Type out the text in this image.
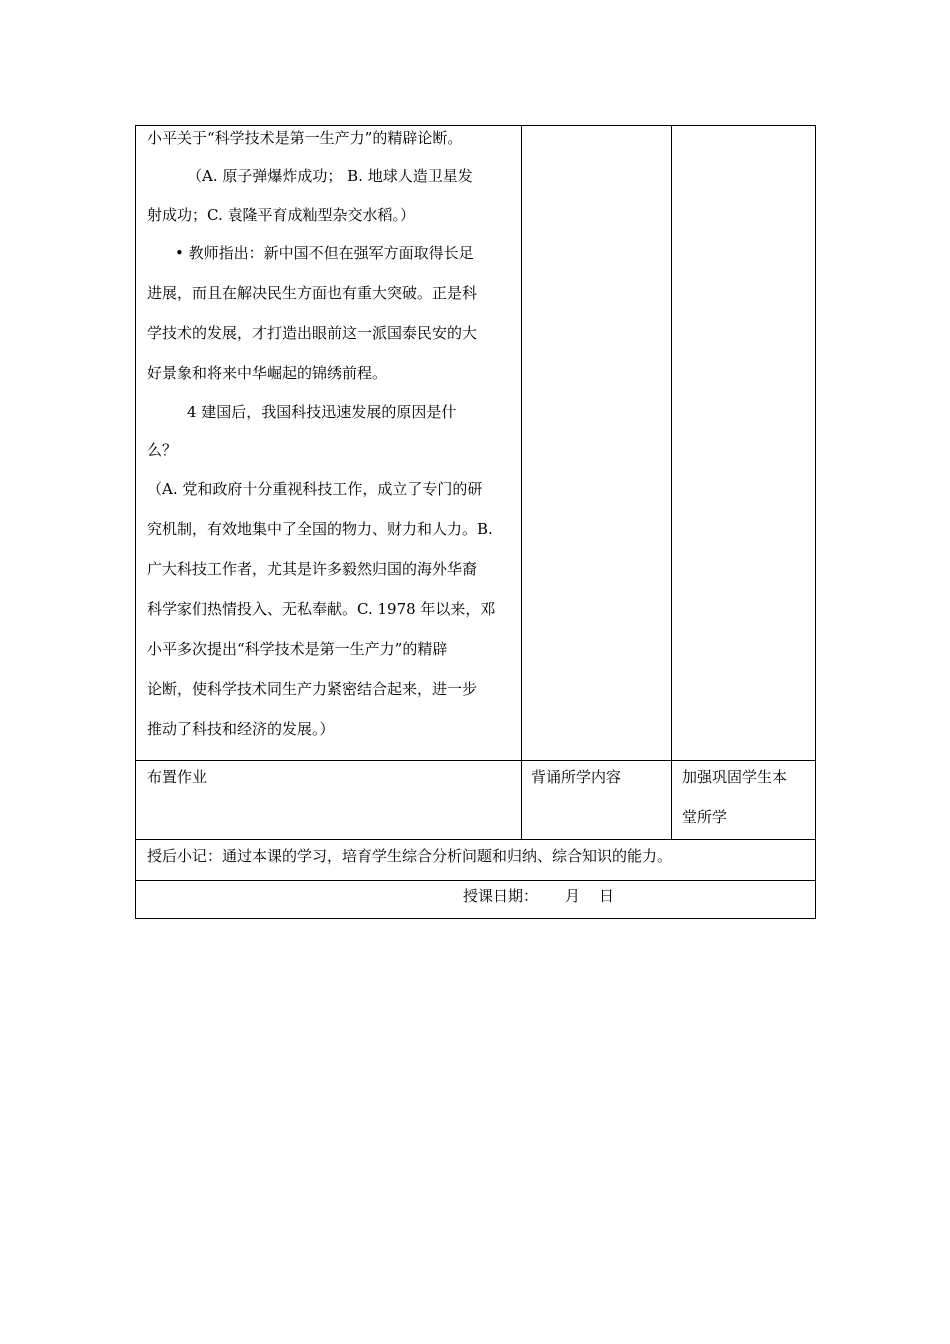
小平关于“科学技术是第一生产力”的精辟论断。
（A. 原子弹爆炸成功； B. 地球人造卫星发
射成功；C. 袁隆平育成籼型杂交水稻。）
• 教师指出：新中国不但在强军方面取得长足
进展，而且在解决民生方面也有重大突破。正是科
学技术的发展，才打造出眼前这一派国泰民安的大
好景象和将来中华崛起的锦绣前程。
4 建国后，我国科技迅速发展的原因是什
么？
（A. 党和政府十分重视科技工作，成立了专门的研
究机制，有效地集中了全国的物力、财力和人力。B.
广大科技工作者，尤其是许多毅然归国的海外华裔
科学家们热情投入、无私奉献。C. 1978 年以来，邓
小平多次提出“科学技术是第一生产力”的精辟
论断，使科学技术同生产力紧密结合起来，进一步
推动了科技和经济的发展。）
布置作业	背诵所学内容	加强巩固学生本
堂所学
授后小记：通过本课的学习，培育学生综合分析问题和归纳、综合知识的能力。
授课日期： 月 日
